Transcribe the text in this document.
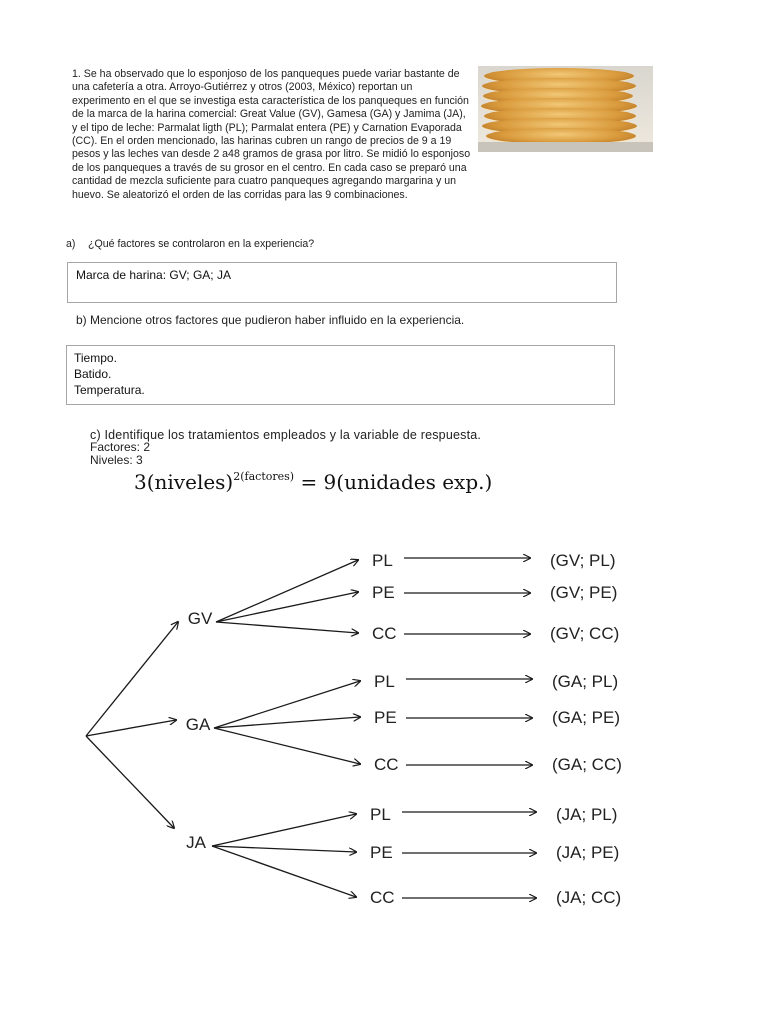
1. Se ha observado que lo esponjoso de los panqueques puede variar bastante de una cafetería a otra. Arroyo-Gutiérrez y otros (2003, México) reportan un experimento en el que se investiga esta característica de los panqueques en función de la marca de la harina comercial: Great Value (GV), Gamesa (GA) y Jamima (JA), y el tipo de leche: Parmalat ligth (PL); Parmalat entera (PE) y Carnation Evaporada (CC). En el orden mencionado, las harinas cubren un rango de precios de 9 a 19 pesos y las leches van desde 2 a48 gramos de grasa por litro. Se midió lo esponjoso de los panqueques a través de su grosor en el centro. En cada caso se preparó una cantidad de mezcla suficiente para cuatro panqueques agregando margarina y un huevo. Se aleatorizó el orden de las corridas para las 9 combinaciones.

a) ¿Qué factores se controlaron en la experiencia?

Marca de harina: GV; GA; JA

b) Mencione otros factores que pudieron haber influido en la experiencia.

Tiempo.
Batido.
Temperatura.

c) Identifique los tratamientos empleados y la variable de respuesta.

Factores: 2
Niveles: 3
3(niveles)$^{2(factores)}$ = 9(unidades exp.)
GV
PL	(GV; PL)
PE	(GV; PE)
CC	(GV; CC)
GA
PL	(GA; PL)
PE	(GA; PE)
CC	(GA; CC)
JA
PL	(JA; PL)
PE	(JA; PE)
CC	(JA; CC)
